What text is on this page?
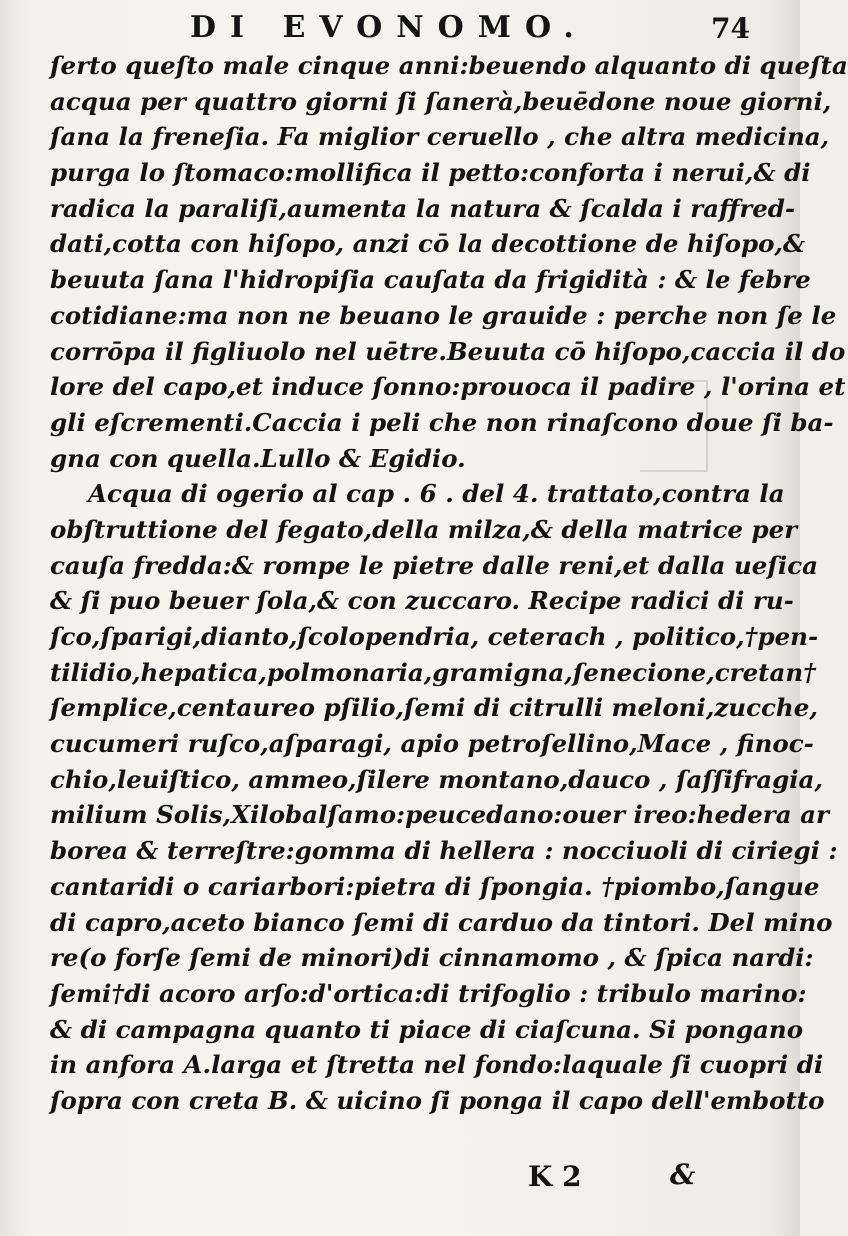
DI EVONOMO.	74
ſerto queſto male cinque anni:beuendo alquanto di queſta
acqua per quattro giorni ſi ſanerà,beuēdone noue giorni,
ſana la freneſia. Fa miglior ceruello , che altra medicina,
purga lo ſtomaco:mollifica il petto:conforta i nerui,& di
radica la paraliſi,aumenta la natura & ſcalda i raffred-
dati,cotta con hiſopo, anzi cō la decottione de hiſopo,&
beuuta ſana l'hidropiſia cauſata da frigidità : & le febre
cotidiane:ma non ne beuano le grauide : perche non ſe le
corrōpa il figliuolo nel uētre.Beuuta cō hiſopo,caccia il do
lore del capo,et induce ſonno:prouoca il padire , l'orina et
gli eſcrementi.Caccia i peli che non rinaſcono doue ſi ba-
gna con quella.Lullo & Egidio.
Acqua di ogerio al cap . 6 . del 4. trattato,contra la
obſtruttione del fegato,della milza,& della matrice per
cauſa fredda:& rompe le pietre dalle reni,et dalla ueſica
& ſi puo beuer ſola,& con zuccaro. Recipe radici di ru-
ſco,ſparigi,dianto,ſcolopendria, ceterach , politico,†pen-
tilidio,hepatica,polmonaria,gramigna,ſenecione,cretan†
ſemplice,centaureo pſilio,ſemi di citrulli meloni,zucche,
cucumeri ruſco,aſparagi, apio petroſellino,Mace , finoc-
chio,leuiſtico, ammeo,ſilere montano,dauco , ſaſſifragia,
milium Solis,Xilobalſamo:peucedano:ouer ireo:hedera ar
borea & terreſtre:gomma di hellera : nocciuoli di ciriegi :
cantaridi o cariarbori:pietra di ſpongia. †piombo,ſangue
di capro,aceto bianco ſemi di carduo da tintori. Del mino
re(o forſe ſemi de minori)di cinnamomo , & ſpica nardi:
ſemi†di acoro arſo:d'ortica:di trifoglio : tribulo marino:
& di campagna quanto ti piace di ciaſcuna. Si pongano
in anfora A.larga et ſtretta nel fondo:laquale ſi cuopri di
ſopra con creta B. & uicino ſi ponga il capo dell'embotto
K 2	&
